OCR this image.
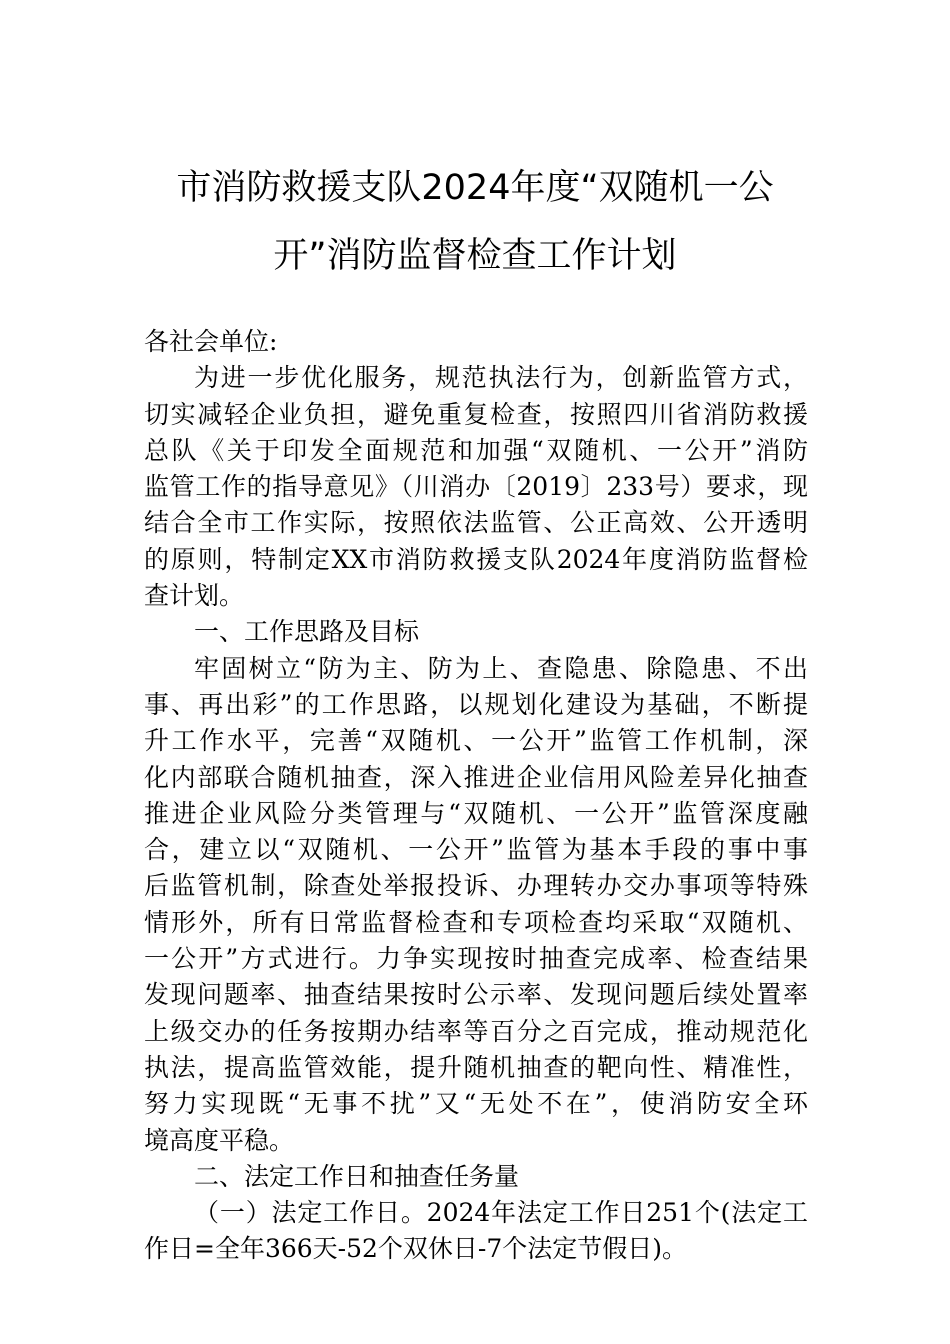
市消防救援支队2024年度“双随机一公
开”消防监督检查工作计划
各社会单位:
为进一步优化服务，规范执法行为，创新监管方式，
切实减轻企业负担，避免重复检查，按照四川省消防救援
总队《关于印发全面规范和加强“双随机、一公开”消防
监管工作的指导意见》（川消办〔2019〕233号）要求，现
结合全市工作实际，按照依法监管、公正高效、公开透明
的原则，特制定XX市消防救援支队2024年度消防监督检
查计划。
一、工作思路及目标
牢固树立“防为主、防为上、查隐患、除隐患、不出
事、再出彩”的工作思路，以规划化建设为基础，不断提
升工作水平，完善“双随机、一公开”监管工作机制，深
化内部联合随机抽查，深入推进企业信用风险差异化抽查
推进企业风险分类管理与“双随机、一公开”监管深度融
合，建立以“双随机、一公开”监管为基本手段的事中事
后监管机制，除查处举报投诉、办理转办交办事项等特殊
情形外，所有日常监督检查和专项检查均采取“双随机、
一公开”方式进行。力争实现按时抽查完成率、检查结果
发现问题率、抽查结果按时公示率、发现问题后续处置率
上级交办的任务按期办结率等百分之百完成，推动规范化
执法，提高监管效能，提升随机抽查的靶向性、精准性，
努力实现既“无事不扰”又“无处不在”，使消防安全环
境高度平稳。
二、法定工作日和抽查任务量
（一）法定工作日。2024年法定工作日251个(法定工
作日=全年366天-52个双休日-7个法定节假日)。
